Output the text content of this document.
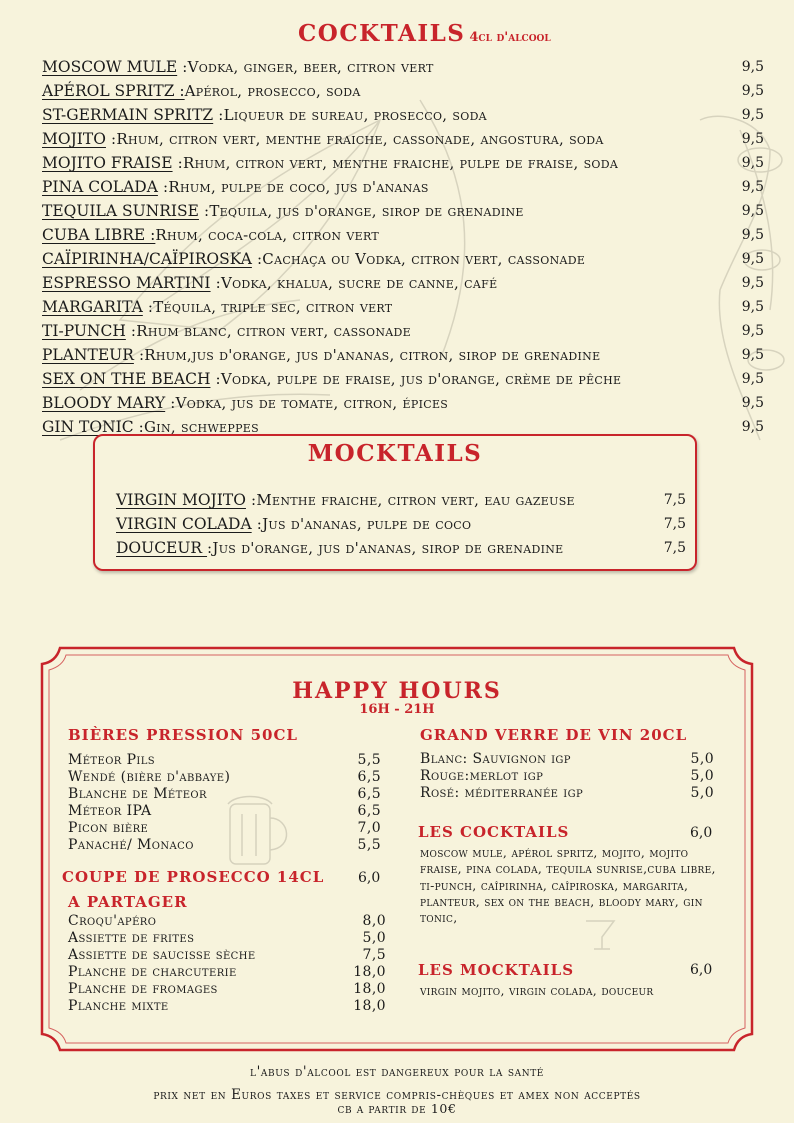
COCKTAILS 4cl d'alcool
MOSCOW MULE :Vodka, ginger, beer, citron vert	9,5
APÉROL SPRITZ :Apérol, prosecco, soda	9,5
ST-GERMAIN SPRITZ :Liqueur de sureau, prosecco, soda	9,5
MOJITO :Rhum, citron vert, menthe fraiche, cassonade, angostura, soda	9,5
MOJITO FRAISE :Rhum, citron vert, menthe fraiche, pulpe de fraise, soda	9,5
PINA COLADA :Rhum, pulpe de coco, jus d'ananas	9,5
TEQUILA SUNRISE :Tequila, jus d'orange, sirop de grenadine	9,5
CUBA LIBRE :Rhum, coca-cola, citron vert	9,5
CAÏPIRINHA/CAÏPIROSKA :Cachaça ou Vodka, citron vert, cassonade	9,5
ESPRESSO MARTINI :Vodka, khalua, sucre de canne, café	9,5
MARGARITA :Téquila, triple sec, citron vert	9,5
TI-PUNCH :Rhum blanc, citron vert, cassonade	9,5
PLANTEUR :Rhum,jus d'orange, jus d'ananas, citron, sirop de grenadine	9,5
SEX ON THE BEACH :Vodka, pulpe de fraise, jus d'orange, crème de pêche	9,5
BLOODY MARY :Vodka, jus de tomate, citron, épices	9,5
GIN TONIC :Gin, schweppes	9,5
MOCKTAILS
VIRGIN MOJITO :Menthe fraiche, citron vert, eau gazeuse	7,5
VIRGIN COLADA :Jus d'ananas, pulpe de coco	7,5
DOUCEUR :Jus d'orange, jus d'ananas, sirop de grenadine	7,5
HAPPY HOURS
16H - 21H
BIÈRES PRESSION 50CL
Méteor Pils	5,5
Wendé (bière d'abbaye)	6,5
Blanche de Méteor	6,5
Méteor IPA	6,5
Picon bière	7,0
Panaché/ Monaco	5,5
COUPE DE PROSECCO 14CL 6,0
A PARTAGER
Croqu'apéro	8,0
Assiette de frites	5,0
Assiette de saucisse sèche	7,5
Planche de charcuterie	18,0
Planche de fromages	18,0
Planche mixte	18,0
GRAND VERRE DE VIN 20CL
Blanc: Sauvignon igp	5,0
Rouge:merlot igp	5,0
Rosé: méditerranée igp	5,0
LES COCKTAILS	6,0
moscow mule, apérol spritz, mojito, mojito fraise, pina colada, tequila sunrise,cuba libre, ti-punch, caîpirinha, caîpiroska, margarita, planteur, sex on the beach, bloody mary, gin tonic,
LES MOCKTAILS	6,0
virgin mojito, virgin colada, douceur
l'abus d'alcool est dangereux pour la santé
prix net en Euros taxes et service compris-chèques et amex non acceptés
cb a partir de 10€
